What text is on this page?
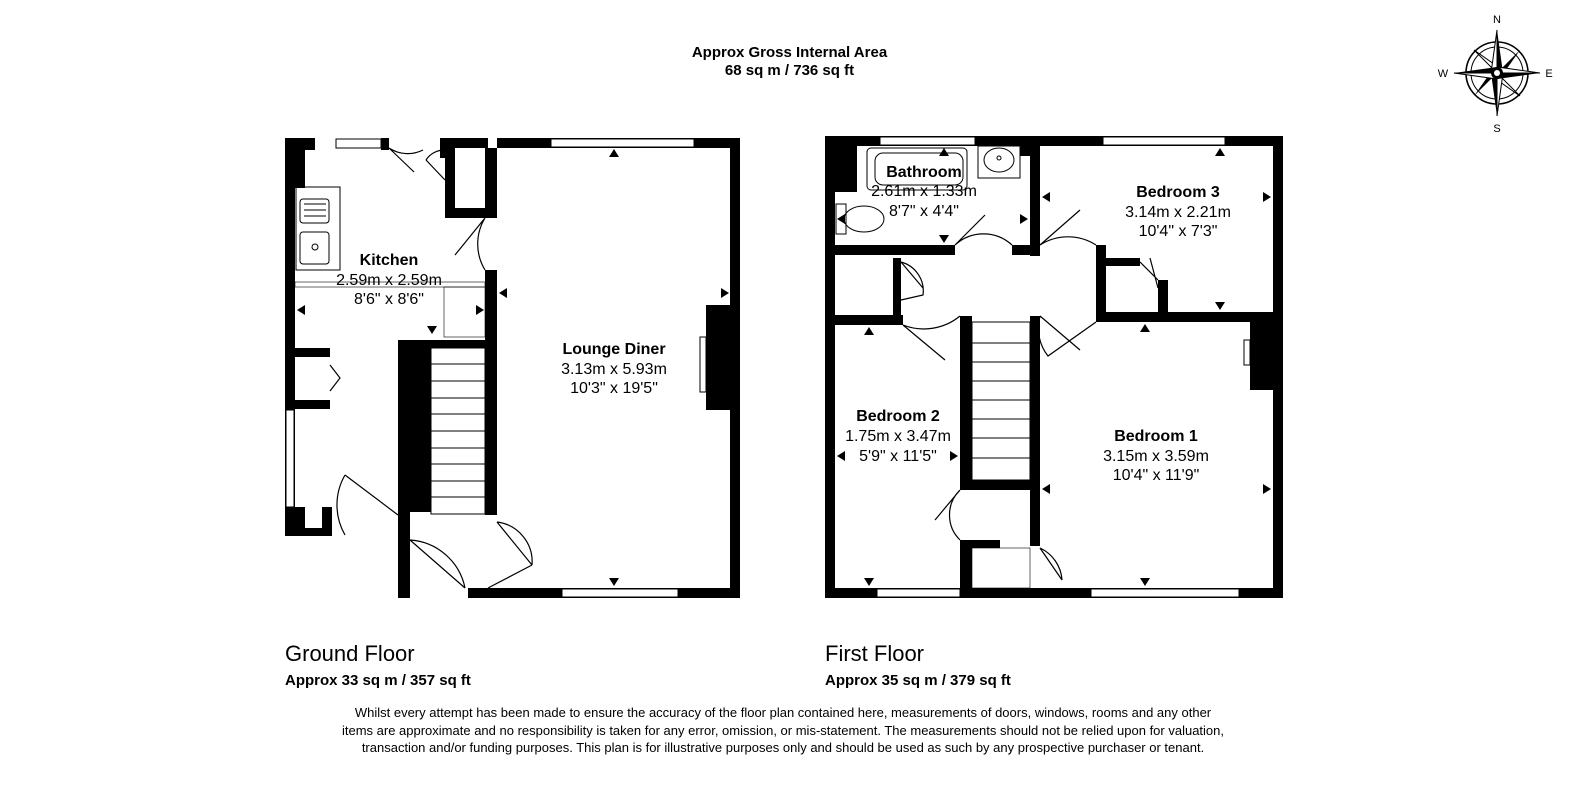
Approx Gross Internal Area
68 sq m / 736 sq ft
N
S
E
W
Kitchen
2.59m x 2.59m
8'6" x 8'6"
Lounge Diner
3.13m x 5.93m
10'3" x 19'5"
Bathroom
2.61m x 1.33m
8'7" x 4'4"
Bedroom 3
3.14m x 2.21m
10'4" x 7'3"
Bedroom 2
1.75m x 3.47m
5'9" x 11'5"
Bedroom 1
3.15m x 3.59m
10'4" x 11'9"
Ground Floor
Approx 33 sq m / 357 sq ft
First Floor
Approx 35 sq m / 379 sq ft
Whilst every attempt has been made to ensure the accuracy of the floor plan contained here, measurements of doors, windows, rooms and any other items are approximate and no responsibility is taken for any error, omission, or mis-statement. The measurements should not be relied upon for valuation, transaction and/or funding purposes. This plan is for illustrative purposes only and should be used as such by any prospective purchaser or tenant.
